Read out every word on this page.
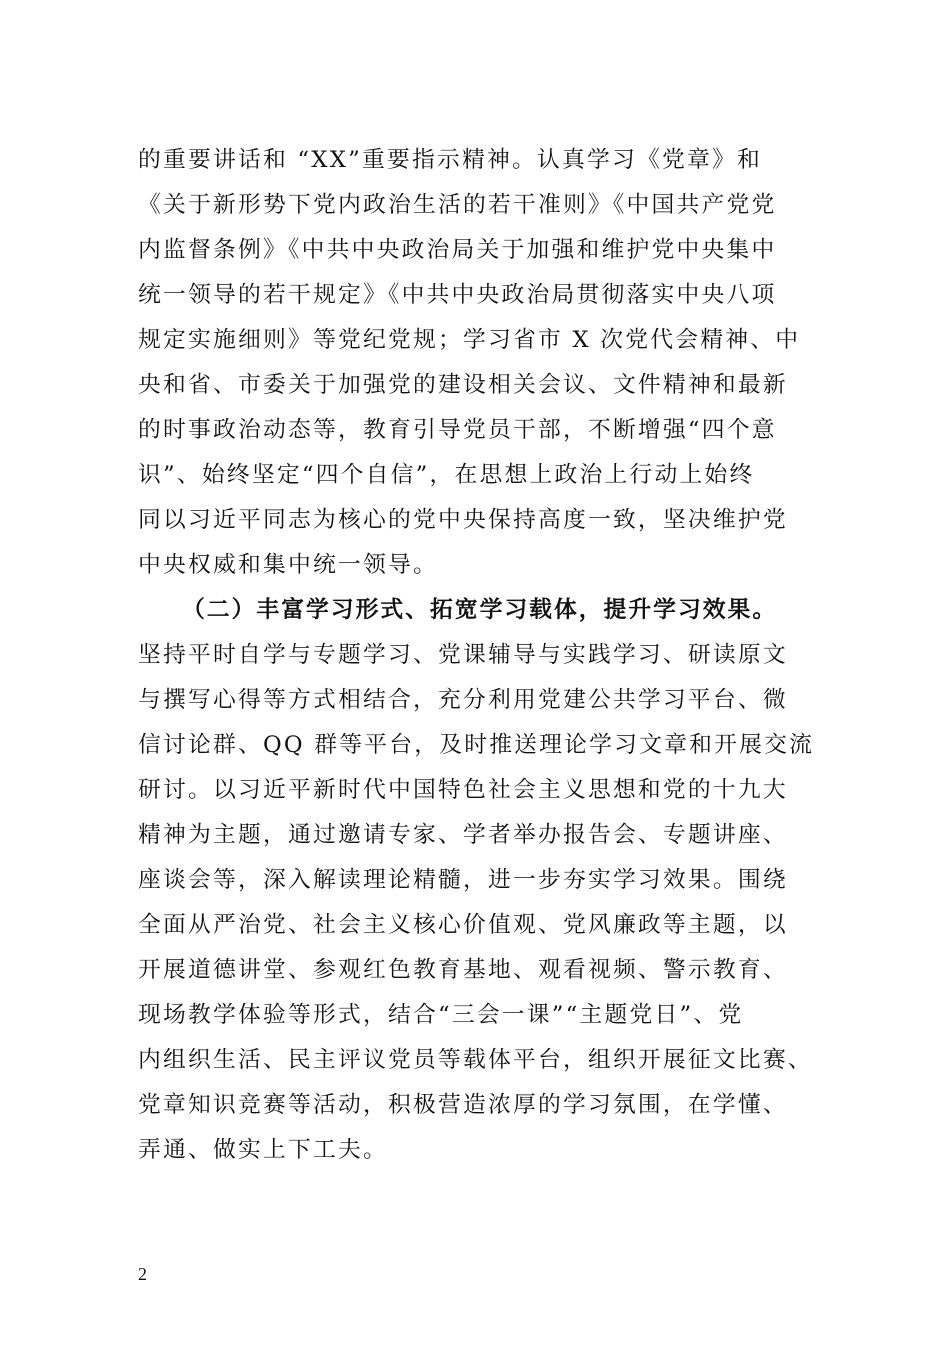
的重要讲话和 “XX”重要指示精神。认真学习《党章》和
《关于新形势下党内政治生活的若干准则》《中国共产党党
内监督条例》《中共中央政治局关于加强和维护党中央集中
统一领导的若干规定》《中共中央政治局贯彻落实中央八项
规定实施细则》等党纪党规；学习省市 X 次党代会精神、中
央和省、市委关于加强党的建设相关会议、文件精神和最新
的时事政治动态等，教育引导党员干部，不断增强“四个意
识”、始终坚定“四个自信”，在思想上政治上行动上始终
同以习近平同志为核心的党中央保持高度一致，坚决维护党
中央权威和集中统一领导。
（二）丰富学习形式、拓宽学习载体，提升学习效果。
坚持平时自学与专题学习、党课辅导与实践学习、研读原文
与撰写心得等方式相结合，充分利用党建公共学习平台、微
信讨论群、QQ 群等平台，及时推送理论学习文章和开展交流
研讨。以习近平新时代中国特色社会主义思想和党的十九大
精神为主题，通过邀请专家、学者举办报告会、专题讲座、
座谈会等，深入解读理论精髓，进一步夯实学习效果。围绕
全面从严治党、社会主义核心价值观、党风廉政等主题，以
开展道德讲堂、参观红色教育基地、观看视频、警示教育、
现场教学体验等形式，结合“三会一课”“主题党日”、党
内组织生活、民主评议党员等载体平台，组织开展征文比赛、
党章知识竞赛等活动，积极营造浓厚的学习氛围，在学懂、
弄通、做实上下工夫。
2
